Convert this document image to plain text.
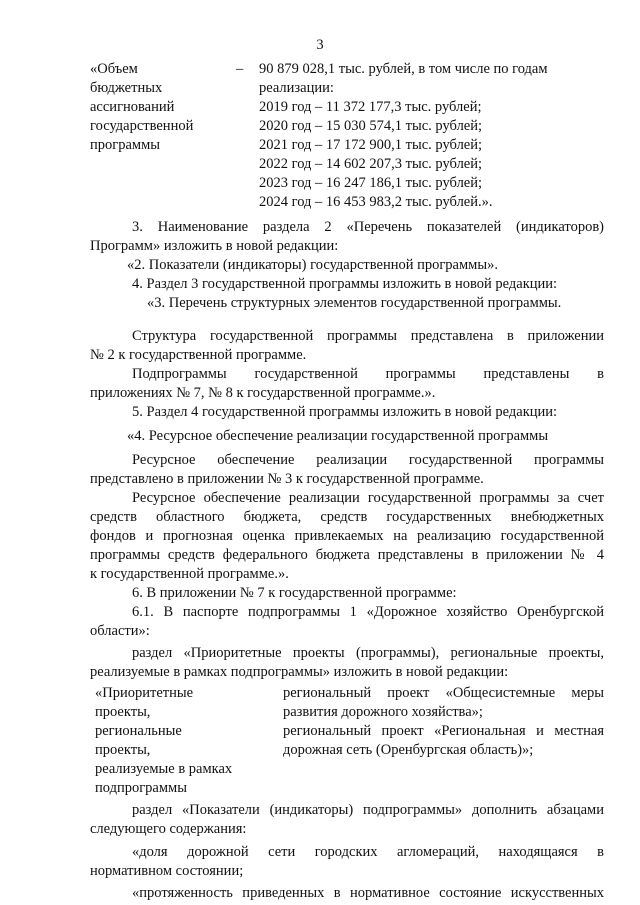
3
«Объем
бюджетных
ассигнований
государственной
программы
– 90 879 028,1 тыс. рублей, в том числе по годам
реализации:
2019 год – 11 372 177,3 тыс. рублей;
2020 год – 15 030 574,1 тыс. рублей;
2021 год – 17 172 900,1 тыс. рублей;
2022 год – 14 602 207,3 тыс. рублей;
2023 год – 16 247 186,1 тыс. рублей;
2024 год – 16 453 983,2 тыс. рублей.».
3. Наименование раздела 2 «Перечень показателей (индикаторов)
Программ» изложить в новой редакции:
«2. Показатели (индикаторы) государственной программы».
4. Раздел 3 государственной программы изложить в новой редакции:
«3. Перечень структурных элементов государственной программы.
Структура государственной программы представлена в приложении
№ 2 к государственной программе.
Подпрограммы государственной программы представлены в
приложениях № 7, № 8 к государственной программе.».
5. Раздел 4 государственной программы изложить в новой редакции:
«4. Ресурсное обеспечение реализации государственной программы
Ресурсное обеспечение реализации государственной программы
представлено в приложении № 3 к государственной программе.
Ресурсное обеспечение реализации государственной программы за счет
средств областного бюджета, средств государственных внебюджетных
фондов и прогнозная оценка привлекаемых на реализацию государственной
программы средств федерального бюджета представлены в приложении № 4
к государственной программе.».
6. В приложении № 7 к государственной программе:
6.1. В паспорте подпрограммы 1 «Дорожное хозяйство Оренбургской
области»:
раздел «Приоритетные проекты (программы), региональные проекты,
реализуемые в рамках подпрограммы» изложить в новой редакции:
«Приоритетные
проекты,
региональные
проекты,
реализуемые в рамках
подпрограммы
региональный проект «Общесистемные меры
развития дорожного хозяйства»;
региональный проект «Региональная и местная
дорожная сеть (Оренбургская область)»;
раздел «Показатели (индикаторы) подпрограммы» дополнить абзацами
следующего содержания:
«доля дорожной сети городских агломераций, находящаяся в
нормативном состоянии;
«протяженность приведенных в нормативное состояние искусственных
